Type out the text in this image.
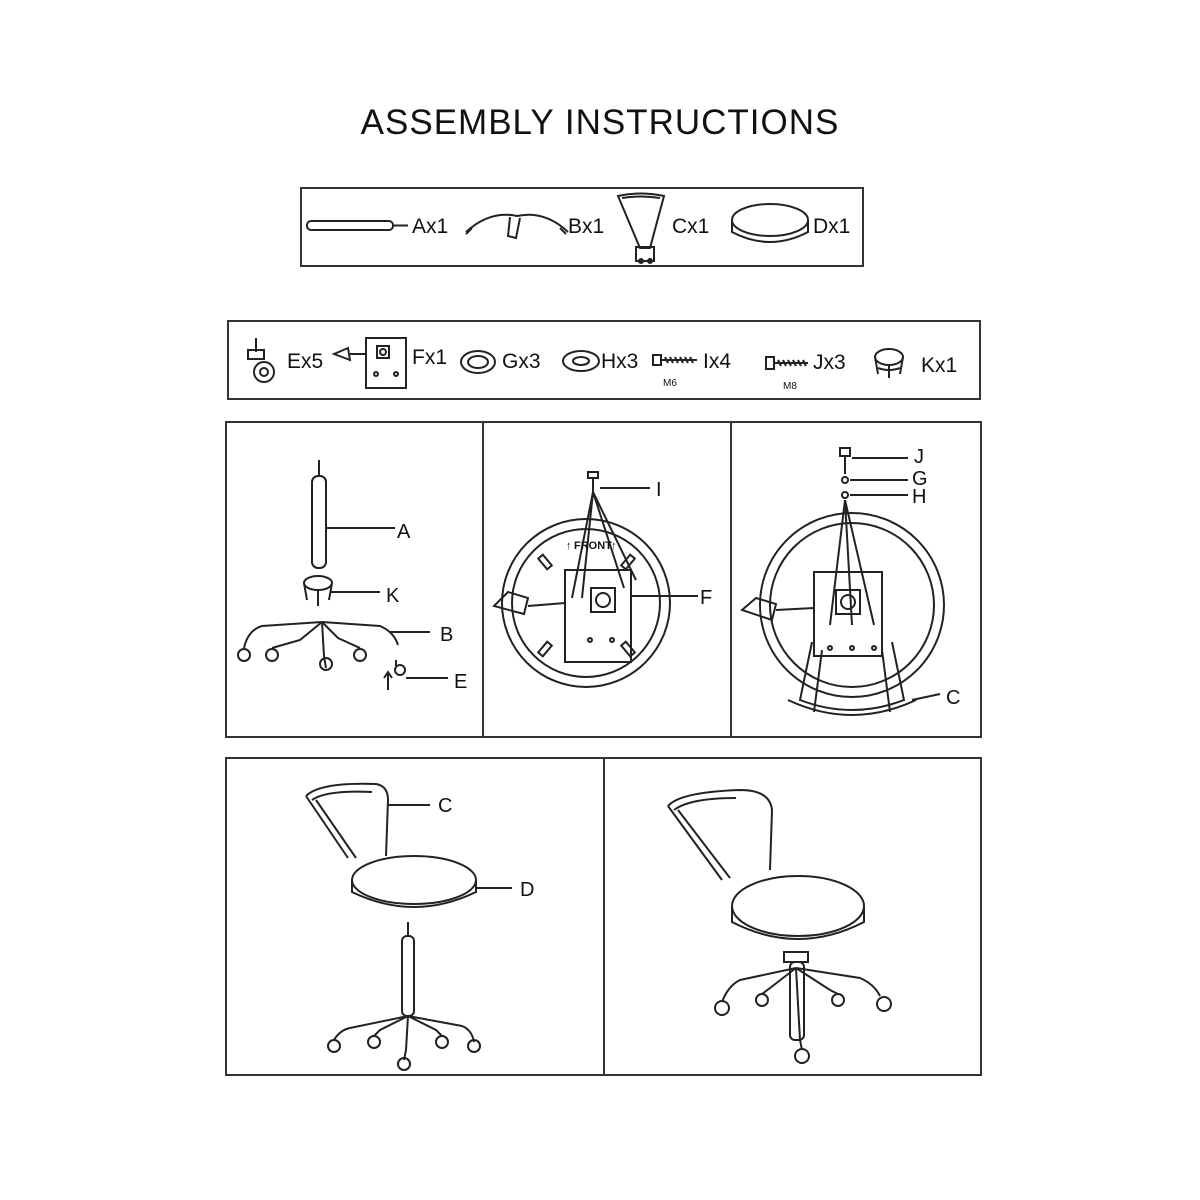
ASSEMBLY INSTRUCTIONS
Ax1	Bx1	Cx1	Dx1
Ex5	Fx1	Gx3	Hx3	Ix4	Jx3	Kx1
M6	M8
A
K
B
E
I
F
J
G
H
C
C
D
↑ FRONT ↑
